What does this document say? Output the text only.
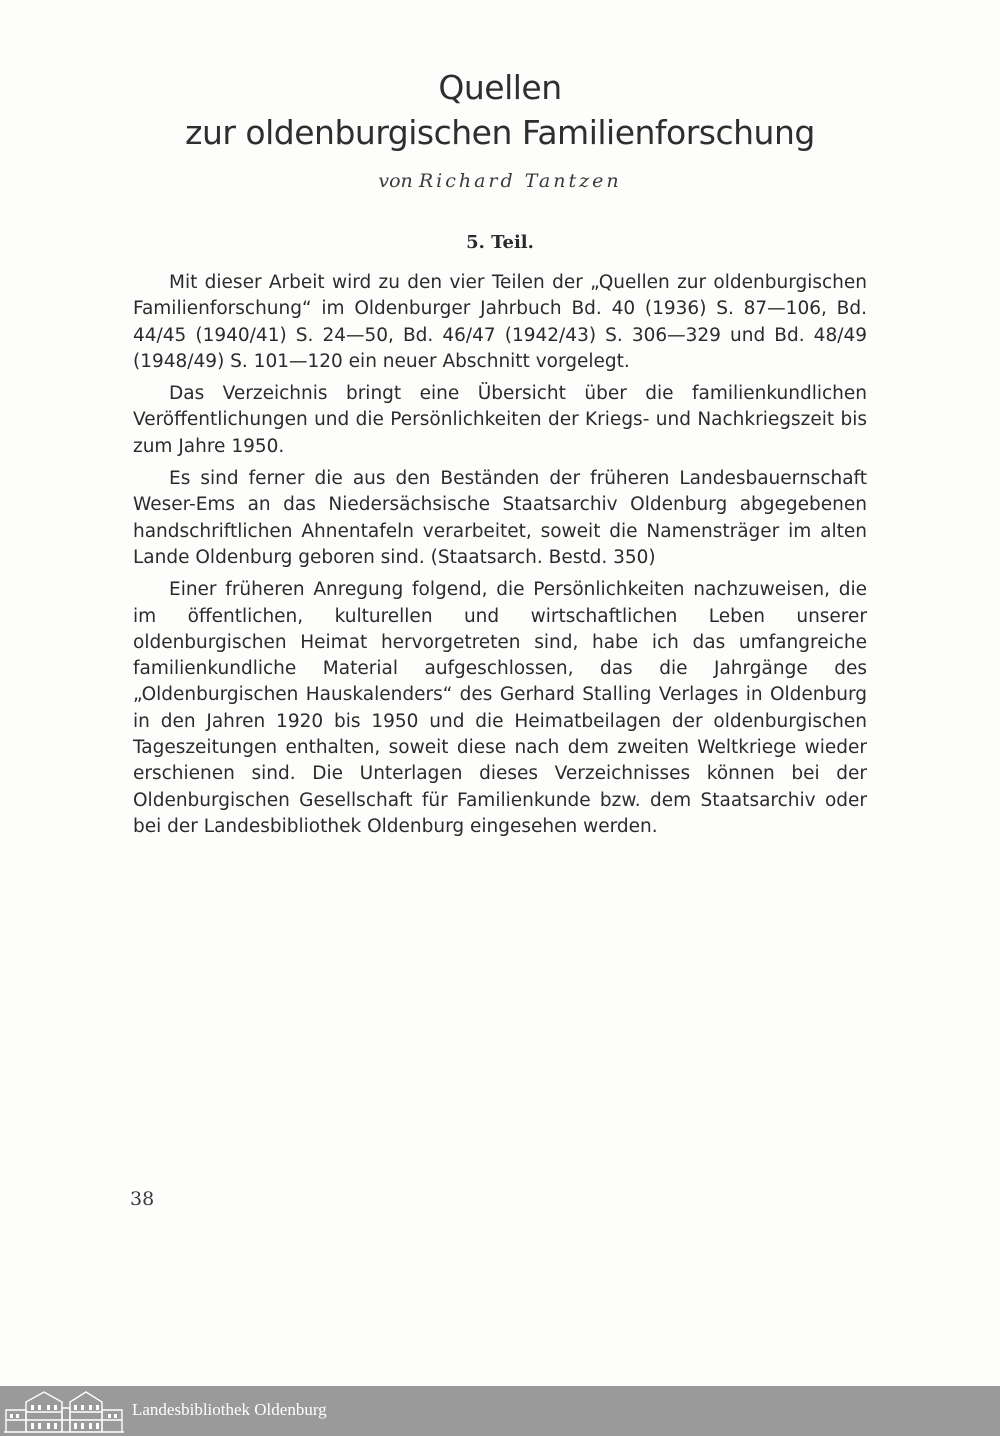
Quellen
zur oldenburgischen Familienforschung
von Richard Tantzen
5. Teil.

Mit dieser Arbeit wird zu den vier Teilen der „Quellen zur oldenburgischen Familienforschung“ im Oldenburger Jahrbuch Bd. 40 (1936) S. 87—106, Bd. 44/45 (1940/41) S. 24—50, Bd. 46/47 (1942/43) S. 306—329 und Bd. 48/49 (1948/49) S. 101—120 ein neuer Abschnitt vorgelegt.

Das Verzeichnis bringt eine Übersicht über die familienkundlichen Veröffentlichungen und die Persönlichkeiten der Kriegs- und Nachkriegszeit bis zum Jahre 1950.

Es sind ferner die aus den Beständen der früheren Landesbauernschaft Weser-Ems an das Niedersächsische Staatsarchiv Oldenburg abgegebenen handschriftlichen Ahnentafeln verarbeitet, soweit die Namensträger im alten Lande Oldenburg geboren sind. (Staatsarch. Bestd. 350)

Einer früheren Anregung folgend, die Persönlichkeiten nachzuweisen, die im öffentlichen, kulturellen und wirtschaftlichen Leben unserer oldenburgischen Heimat hervorgetreten sind, habe ich das umfangreiche familienkundliche Material aufgeschlossen, das die Jahrgänge des „Oldenburgischen Hauskalenders“ des Gerhard Stalling Verlages in Oldenburg in den Jahren 1920 bis 1950 und die Heimatbeilagen der oldenburgischen Tageszeitungen enthalten, soweit diese nach dem zweiten Weltkriege wieder erschienen sind. Die Unterlagen dieses Verzeichnisses können bei der Oldenburgischen Gesellschaft für Familienkunde bzw. dem Staatsarchiv oder bei der Landesbibliothek Oldenburg eingesehen werden.

38
Landesbibliothek Oldenburg
